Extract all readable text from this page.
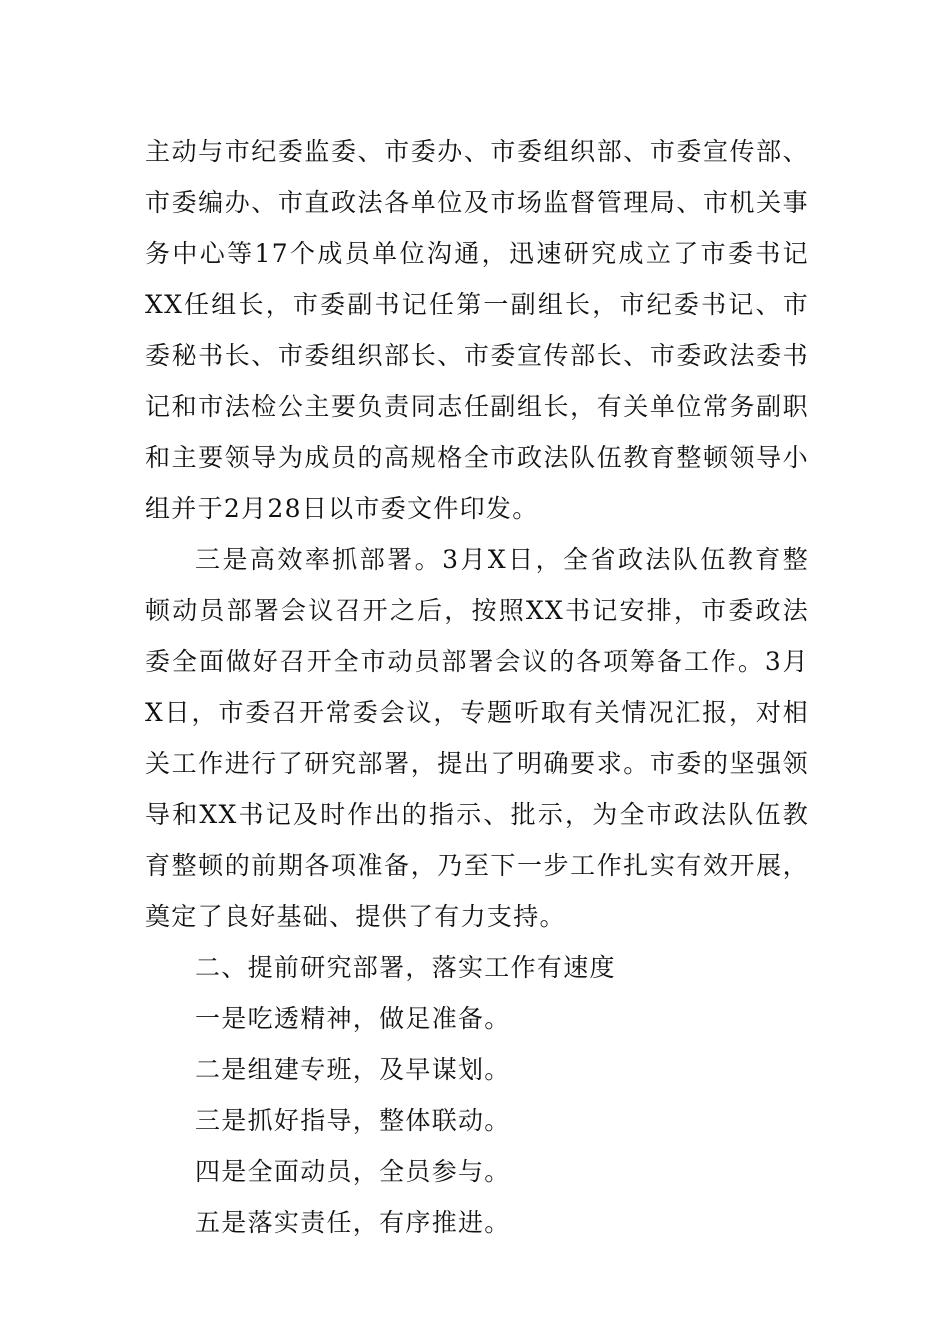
主动与市纪委监委、市委办、市委组织部、市委宣传部、市委编办、市直政法各单位及市场监督管理局、市机关事务中心等17个成员单位沟通，迅速研究成立了市委书记XX任组长，市委副书记任第一副组长，市纪委书记、市委秘书长、市委组织部长、市委宣传部长、市委政法委书记和市法检公主要负责同志任副组长，有关单位常务副职和主要领导为成员的高规格全市政法队伍教育整顿领导小组并于2月28日以市委文件印发。

三是高效率抓部署。3月X日，全省政法队伍教育整顿动员部署会议召开之后，按照XX书记安排，市委政法委全面做好召开全市动员部署会议的各项筹备工作。3月X日，市委召开常委会议，专题听取有关情况汇报，对相关工作进行了研究部署，提出了明确要求。市委的坚强领导和XX书记及时作出的指示、批示，为全市政法队伍教育整顿的前期各项准备，乃至下一步工作扎实有效开展，奠定了良好基础、提供了有力支持。

二、提前研究部署，落实工作有速度

一是吃透精神，做足准备。

二是组建专班，及早谋划。

三是抓好指导，整体联动。

四是全面动员，全员参与。

五是落实责任，有序推进。
